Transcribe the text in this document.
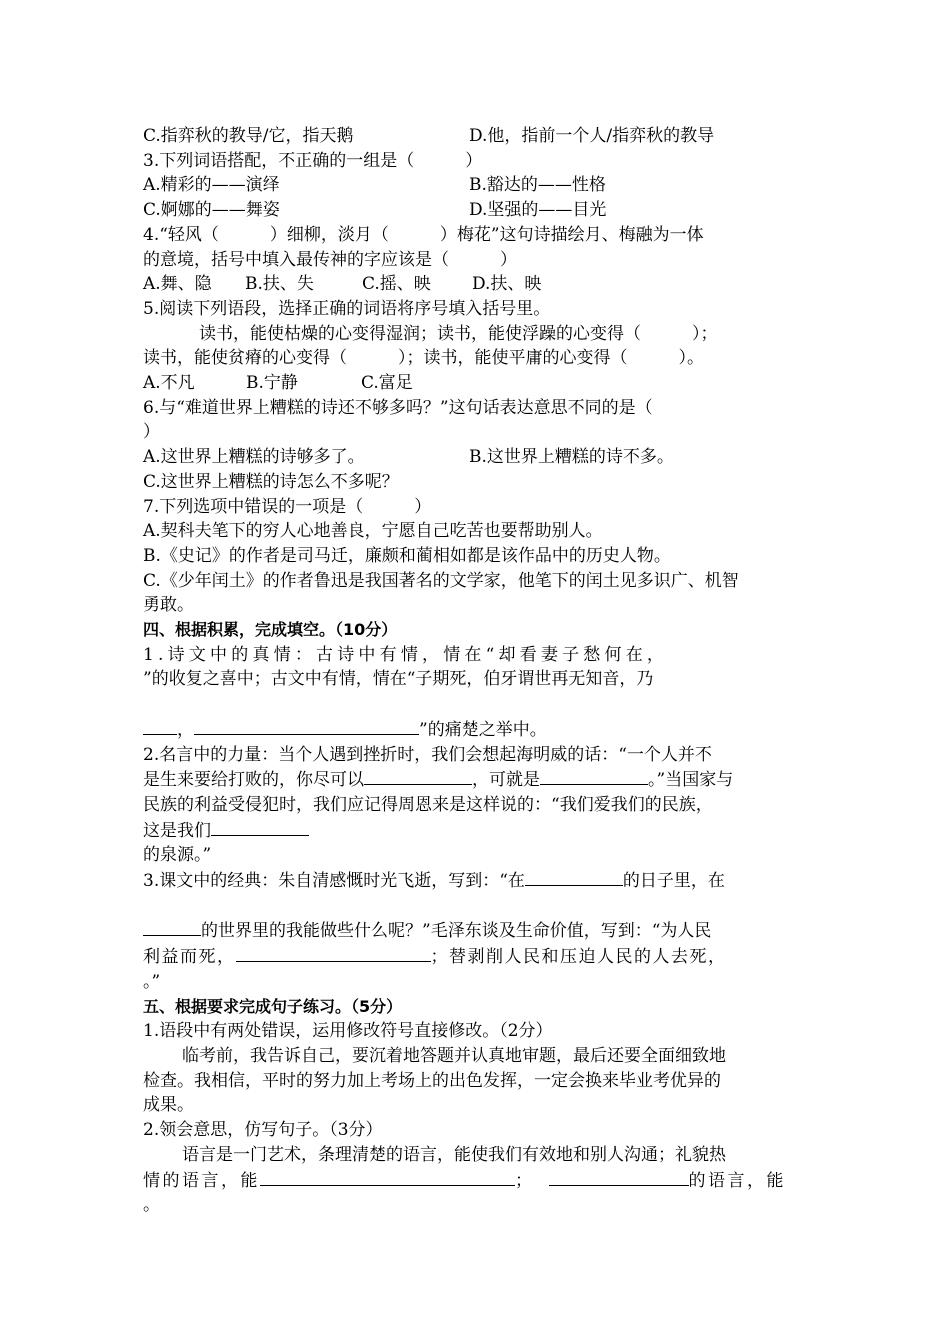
C.指弈秋的教导/它，指天鹅	D.他，指前一个人/指弈秋的教导
3.下列词语搭配，不正确的一组是（　　　）
A.精彩的——演绎	B.豁达的——性格
C.婀娜的——舞姿	D.坚强的——目光
4.“轻风（　　　）细柳，淡月（　　　）梅花”这句诗描绘月、梅融为一体
的意境，括号中填入最传神的字应该是（　　　）
A.舞、隐	B.扶、失	C.摇、映	D.扶、映
5.阅读下列语段，选择正确的词语将序号填入括号里。
读书，能使枯燥的心变得湿润；读书，能使浮躁的心变得（　　　）；
读书，能使贫瘠的心变得（　　　）；读书，能使平庸的心变得（　　　）。
A.不凡	B.宁静	C.富足
6.与“难道世界上糟糕的诗还不够多吗？”这句话表达意思不同的是（
）
A.这世界上糟糕的诗够多了。	B.这世界上糟糕的诗不多。
C.这世界上糟糕的诗怎么不多呢？
7.下列选项中错误的一项是（　　　）
A.契科夫笔下的穷人心地善良，宁愿自己吃苦也要帮助别人。
B.《史记》的作者是司马迁，廉颇和蔺相如都是该作品中的历史人物。
C.《少年闰土》的作者鲁迅是我国著名的文学家，他笔下的闰土见多识广、机智
勇敢。
四、根据积累，完成填空。（10分）
1.诗文中的真情：古诗中有情，情在“却看妻子愁何在，
”的收复之喜中；古文中有情，情在“子期死，伯牙谓世再无知音，乃
，	”的痛楚之举中。
2.名言中的力量：当个人遇到挫折时，我们会想起海明威的话：“一个人并不
是生来要给打败的，你尽可以	，可就是	。”当国家与
民族的利益受侵犯时，我们应记得周恩来是这样说的：“我们爱我们的民族，
这是我们
的泉源。”
3.课文中的经典：朱自清感慨时光飞逝，写到：“在	的日子里，在
的世界里的我能做些什么呢？”毛泽东谈及生命价值，写到：“为人民
利益而死，	；替剥削人民和压迫人民的人去死，
。”
五、根据要求完成句子练习。（5分）
1.语段中有两处错误，运用修改符号直接修改。（2分）
临考前，我告诉自己，要沉着地答题并认真地审题，最后还要全面细致地
检查。我相信，平时的努力加上考场上的出色发挥，一定会换来毕业考优异的
成果。
2.领会意思，仿写句子。（3分）
语言是一门艺术，条理清楚的语言，能使我们有效地和别人沟通；礼貌热
情的语言，能	；	的语言，能
。
